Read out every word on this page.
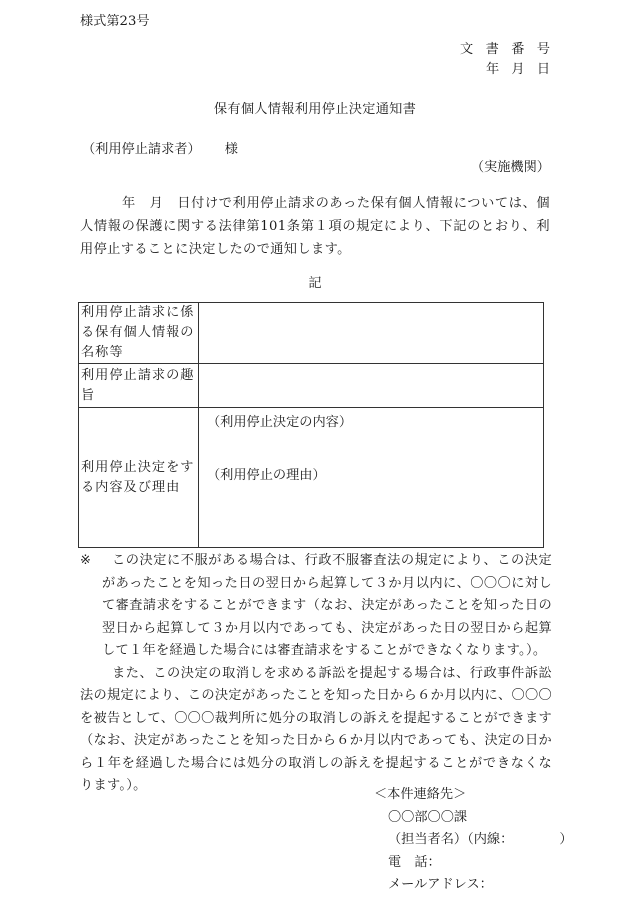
様式第23号
文 書 番 号
年 月 日
保有個人情報利用停止決定通知書
（利用停止請求者） 様
（実施機関）
年　月　日付けで利用停止請求のあった保有個人情報については、個人情報の保護に関する法律第101条第１項の規定により、下記のとおり、利用停止することに決定したので通知します。
記
利用停止請求に係る保有個人情報の名称等	
利用停止請求の趣旨	
利用停止決定をする内容及び理由	（利用停止決定の内容）
（利用停止の理由）
※	この決定に不服がある場合は、行政不服審査法の規定により、この決定があったことを知った日の翌日から起算して３か月以内に、〇〇〇に対して審査請求をすることができます（なお、決定があったことを知った日の翌日から起算して３か月以内であっても、決定があった日の翌日から起算して１年を経過した場合には審査請求をすることができなくなります。）。
また、この決定の取消しを求める訴訟を提起する場合は、行政事件訴訟法の規定により、この決定があったことを知った日から６か月以内に、〇〇〇を被告として、〇〇〇裁判所に処分の取消しの訴えを提起することができます（なお、決定があったことを知った日から６か月以内であっても、決定の日から１年を経過した場合には処分の取消しの訴えを提起することができなくなります。）。
＜本件連絡先＞
〇〇部〇〇課
（担当者名）（内線：　　　　）
電　話：
メールアドレス：
